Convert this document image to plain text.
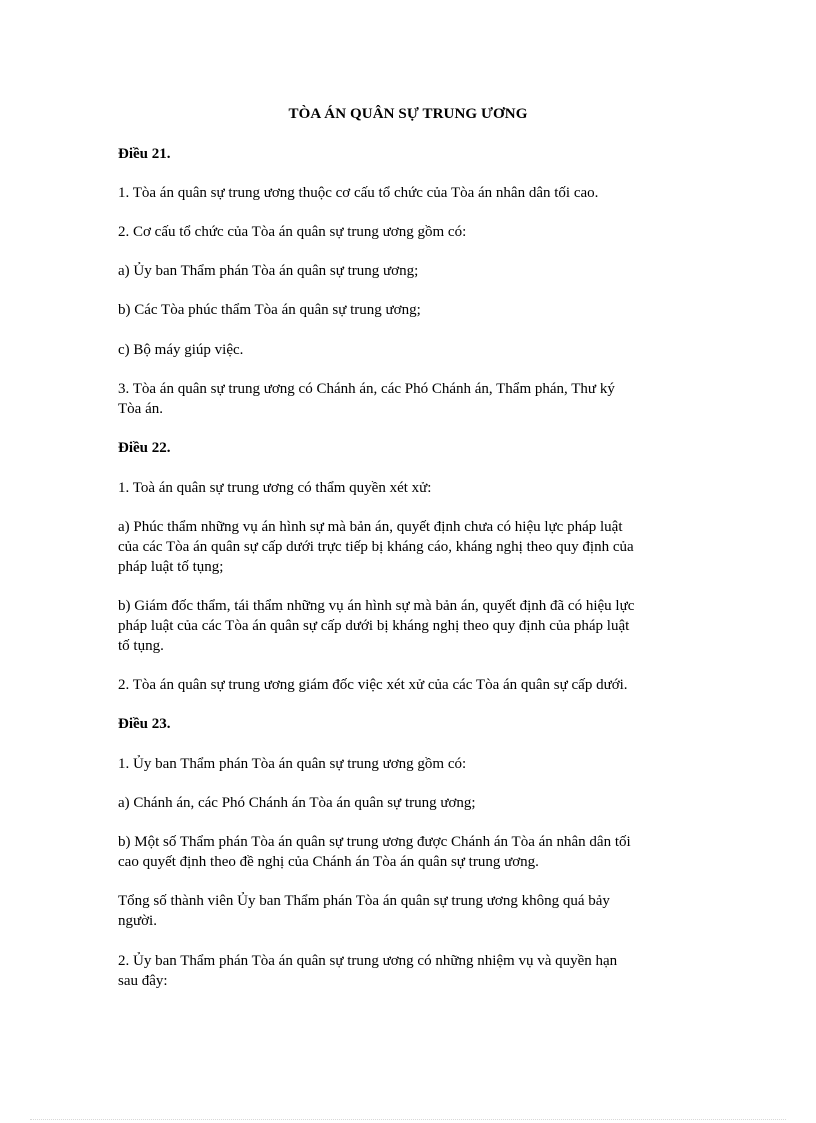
TÒA ÁN QUÂN SỰ TRUNG ƯƠNG
Điều 21.
1. Tòa án quân sự trung ương thuộc cơ cấu tổ chức của Tòa án nhân dân tối cao.
2. Cơ cấu tổ chức của Tòa án quân sự trung ương gồm có:
a) Ủy ban Thẩm phán Tòa án quân sự trung ương;
b) Các Tòa phúc thẩm Tòa án quân sự trung ương;
c) Bộ máy giúp việc.
3. Tòa án quân sự trung ương có Chánh án, các Phó Chánh án, Thẩm phán, Thư ký
Tòa án.
Điều 22.
1. Toà án quân sự trung ương có thẩm quyền xét xử:
a) Phúc thẩm những vụ án hình sự mà bản án, quyết định chưa có hiệu lực pháp luật
của các Tòa án quân sự cấp dưới trực tiếp bị kháng cáo, kháng nghị theo quy định của
pháp luật tố tụng;
b) Giám đốc thẩm, tái thẩm những vụ án hình sự mà bản án, quyết định đã có hiệu lực
pháp luật của các Tòa án quân sự cấp dưới bị kháng nghị theo quy định của pháp luật
tố tụng.
2. Tòa án quân sự trung ương giám đốc việc xét xử của các Tòa án quân sự cấp dưới.
Điều 23.
1. Ủy ban Thẩm phán Tòa án quân sự trung ương gồm có:
a) Chánh án, các Phó Chánh án Tòa án quân sự trung ương;
b) Một số Thẩm phán Tòa án quân sự trung ương được Chánh án Tòa án nhân dân tối
cao quyết định theo đề nghị của Chánh án Tòa án quân sự trung ương.
Tổng số thành viên Ủy ban Thẩm phán Tòa án quân sự trung ương không quá bảy
người.
2. Ủy ban Thẩm phán Tòa án quân sự trung ương có những nhiệm vụ và quyền hạn
sau đây:
